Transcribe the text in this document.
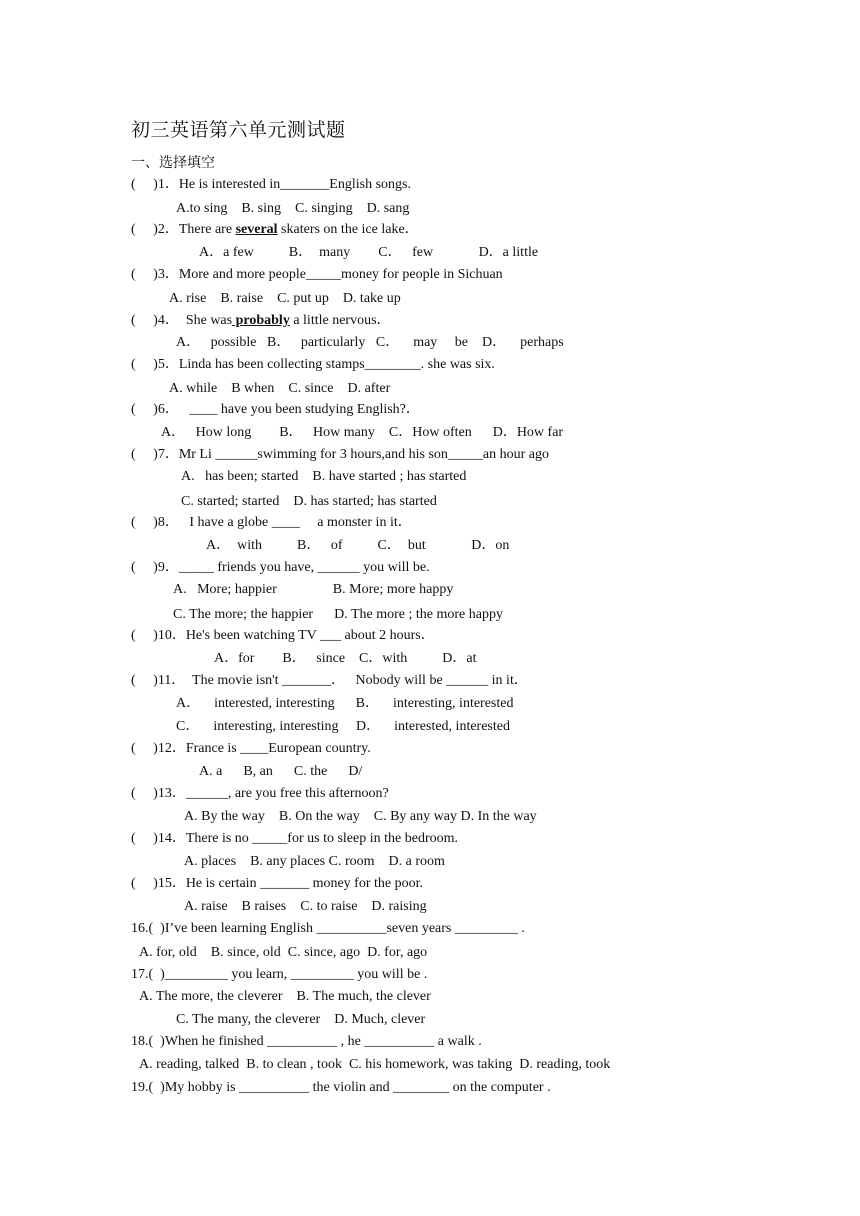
初三英语第六单元测试题
一、选择填空
(     )1．He is interested in_______English songs.
A.to sing    B. sing    C. singing    D. sang
(     )2．There are several skaters on the ice lake．
A．a few          B．  many        C．   few             D．a little
(     )3．More and more people_____money for people in Sichuan
A. rise    B. raise    C. put up    D. take up
(     )4．  She was probably a little nervous．
A．   possible   B．   particularly   C．    may     be    D．    perhaps
(     )5．Linda has been collecting stamps________. she was six.
A. while    B when    C. since    D. after
(     )6．   ____ have you been studying English?．
A．   How long        B．   How many    C．How often      D．How far
(     )7．Mr Li ______swimming for 3 hours,and his son_____an hour ago
A.   has been; started    B. have started ; has started
C. started; started    D. has started; has started
(     )8．   I have a globe ____     a monster in it．
A．  with          B．   of          C．  but             D．on
(     )9．_____ friends you have, ______ you will be.
A.   More; happier                B. More; more happy
C. The more; the happier      D. The more ; the more happy
(     )10．He's been watching TV ___ about 2 hours．
A．for        B．   since    C．with          D．at
(     )11．  The movie isn't _______．   Nobody will be ______ in it．
A．    interested, interesting      B．    interesting, interested
C．    interesting, interesting     D．    interested, interested
(     )12．France is ____European country.
A. a      B, an      C. the      D/
(     )13．______, are you free this afternoon?
A. By the way    B. On the way    C. By any way D. In the way
(     )14．There is no _____for us to sleep in the bedroom.
A. places    B. any places C. room    D. a room
(     )15．He is certain _______ money for the poor.
A. raise    B raises    C. to raise    D. raising
16.(  )I’ve been learning English __________seven years _________ .
A. for, old    B. since, old  C. since, ago  D. for, ago
17.(  )_________ you learn, _________ you will be .
A. The more, the cleverer    B. The much, the clever
C. The many, the cleverer    D. Much, clever
18.(  )When he finished __________ , he __________ a walk .
A. reading, talked  B. to clean , took  C. his homework, was taking  D. reading, took
19.(  )My hobby is __________ the violin and ________ on the computer .
